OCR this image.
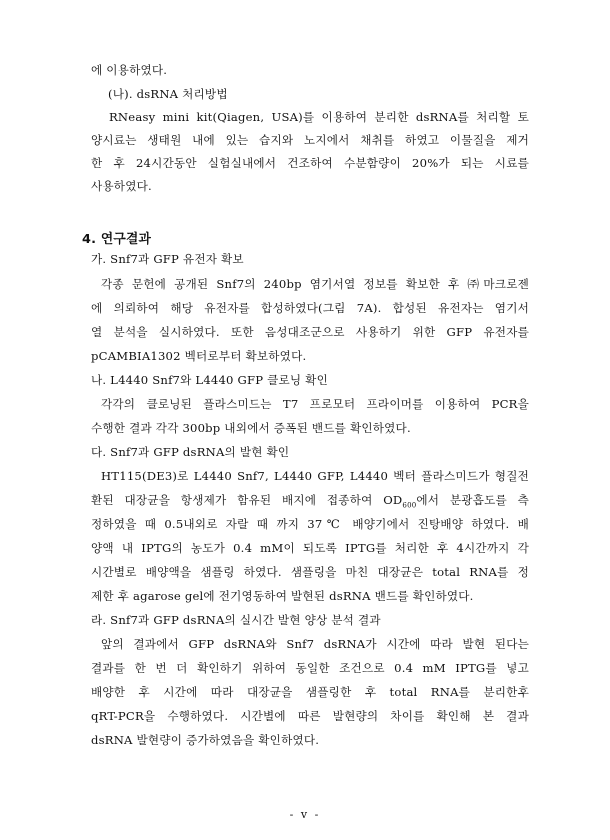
에 이용하였다.
(나). dsRNA 처리방법
RNeasy mini kit(Qiagen, USA)를 이용하여 분리한 dsRNA를 처리할 토
양시료는 생태원 내에 있는 습지와 노지에서 채취를 하였고 이물질을 제거
한 후 24시간동안 실험실내에서 건조하여 수분함량이 20%가 되는 시료를
사용하였다.
4. 연구결과
가. Snf7과 GFP 유전자 확보
각종 문헌에 공개된 Snf7의 240bp 염기서열 정보를 확보한 후 ㈜마크로젠
에 의뢰하여 해당 유전자를 합성하였다(그림 7A). 합성된 유전자는 염기서
열 분석을 실시하였다. 또한 음성대조군으로 사용하기 위한 GFP 유전자를
pCAMBIA1302 벡터로부터 확보하였다.
나. L4440 Snf7와 L4440 GFP 클로닝 확인
각각의 클로닝된 플라스미드는 T7 프로모터 프라이머를 이용하여 PCR을
수행한 결과 각각 300bp 내외에서 증폭된 밴드를 확인하였다.
다. Snf7과 GFP dsRNA의 발현 확인
HT115(DE3)로 L4440 Snf7, L4440 GFP, L4440 벡터 플라스미드가 형질전
환된 대장균을 항생제가 함유된 배지에 접종하여 $OD_{600}$에서 분광흡도를 측
정하였을 때 0.5내외로 자랄 때 까지 37℃ 배양기에서 진탕배양 하였다. 배
양액 내 IPTG의 농도가 0.4 mM이 되도록 IPTG를 처리한 후 4시간까지 각
시간별로 배양액을 샘플링 하였다. 샘플링을 마친 대장균은 total RNA를 정
제한 후 agarose gel에 전기영동하여 발현된 dsRNA 밴드를 확인하였다.
라. Snf7과 GFP dsRNA의 실시간 발현 양상 분석 결과
앞의 결과에서 GFP dsRNA와 Snf7 dsRNA가 시간에 따라 발현 된다는
결과를 한 번 더 확인하기 위하여 동일한 조건으로 0.4 mM IPTG를 넣고
배양한 후 시간에 따라 대장균을 샘플링한 후 total RNA를 분리한후
qRT-PCR을 수행하였다. 시간별에 따른 발현량의 차이를 확인해 본 결과
dsRNA 발현량이 증가하였음을 확인하였다.
- v -
